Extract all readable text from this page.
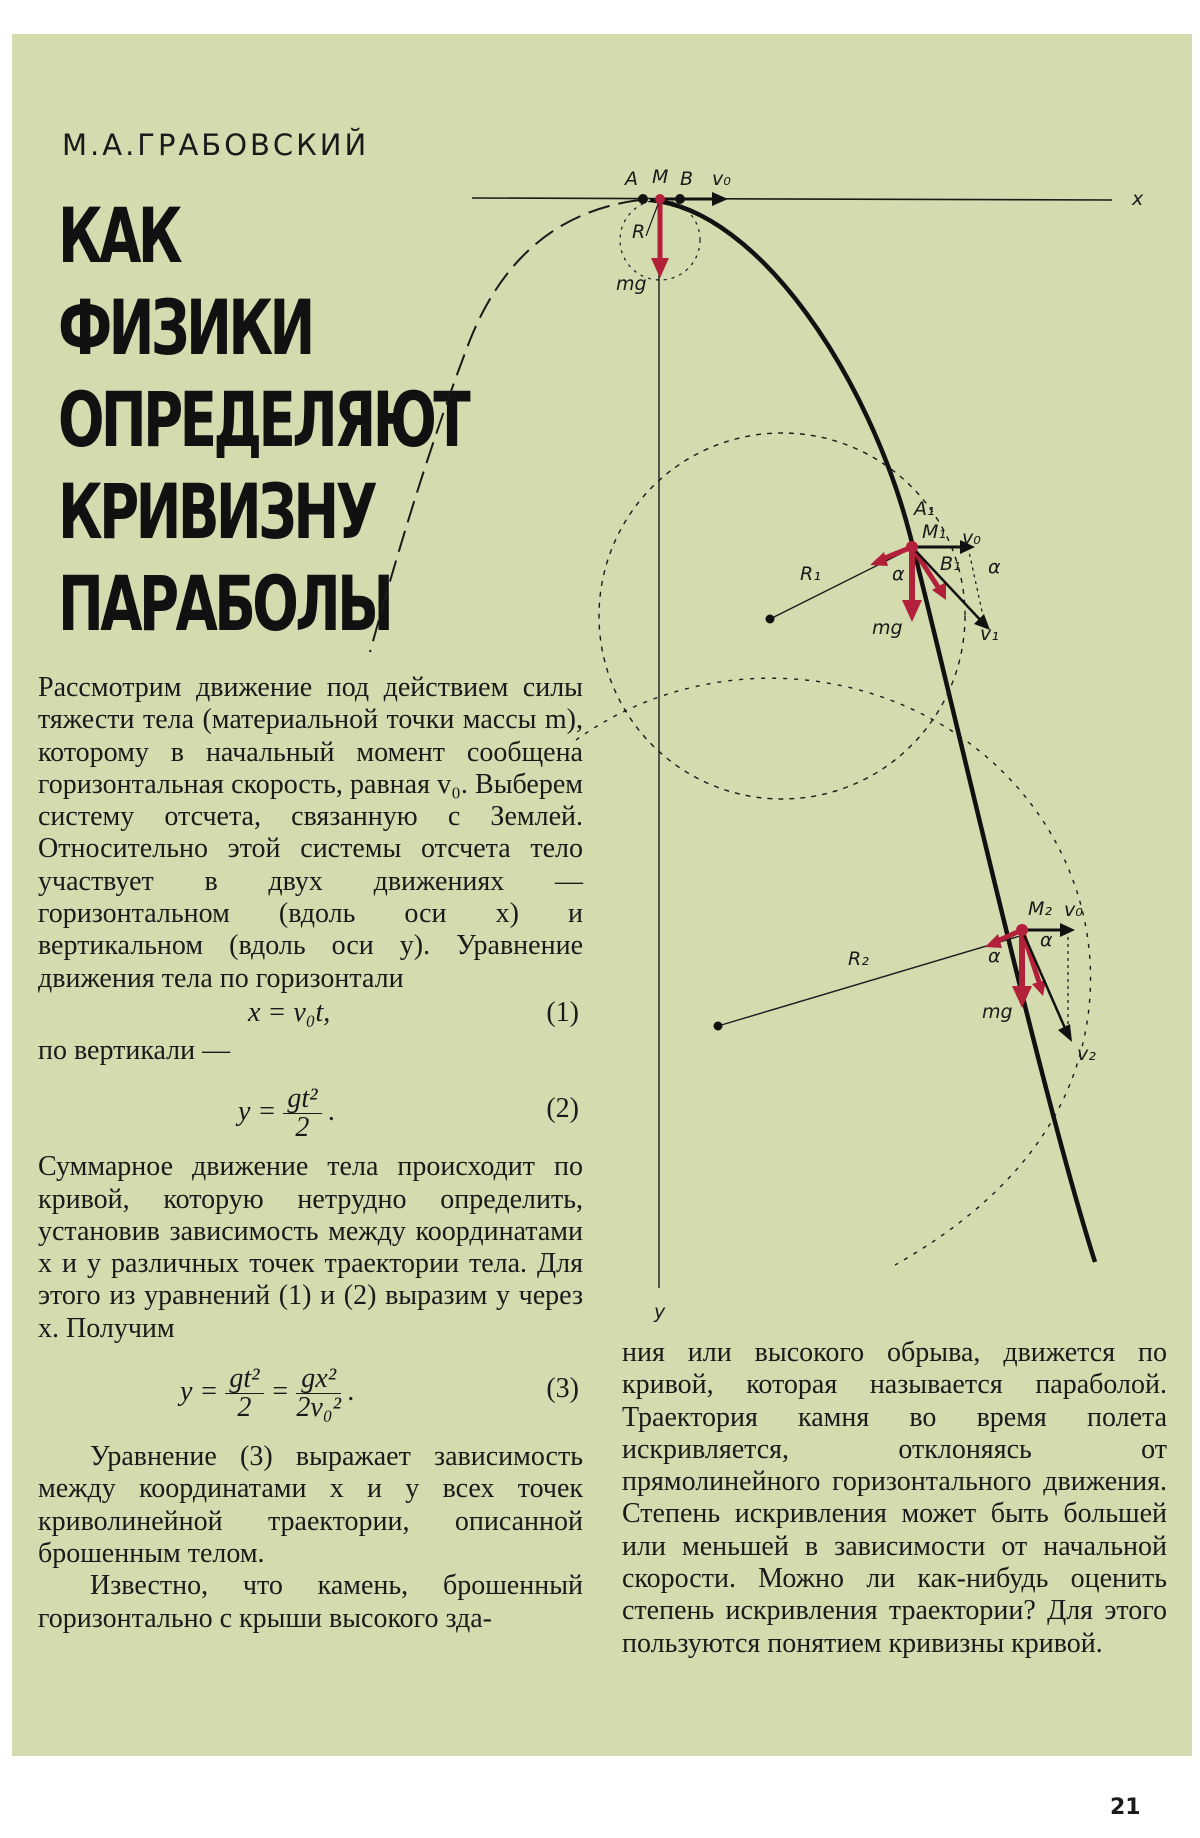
М.А.ГРАБОВСКИЙ
КАК
ФИЗИКИ
ОПРЕДЕЛЯЮТ
КРИВИЗНУ
ПАРАБОЛЫ
A M B v₀
x
R
mg
A₁
M₁ v₀
R₁	α B₁ α
mg	v₁
M₂ v₀
α
α
R₂
mg
v₂
y

Рассмотрим движение под действием силы тяжести тела (материальной точки массы m), которому в начальный момент сообщена горизонтальная скорость, равная v₀. Выберем систему отсчета, связанную с Землей. Относительно этой системы отсчета тело участвует в двух движениях — горизонтальном (вдоль оси x) и вертикальном (вдоль оси y). Уравнение движения тела по горизонтали

x = v₀t,	(1)

по вертикали —

$y = \frac{\text{gt²}}{2}$ .	(2)

Суммарное движение тела происходит по кривой, которую нетрудно определить, установив зависимость между координатами x и y различных точек траектории тела. Для этого из уравнений (1) и (2) выразим y через x. Получим

$y = \frac{\text{gt²}}{2} = \frac{\text{gx²}}{\text{2v₀²}}$ .	(3)

Уравнение (3) выражает зависимость между координатами x и y всех точек криволинейной траектории, описанной брошенным телом.

Известно, что камень, брошенный горизонтально с крыши высокого зда-

ния или высокого обрыва, движется по кривой, которая называется параболой. Траектория камня во время полета искривляется, отклоняясь от прямолинейного горизонтального движения. Степень искривления может быть большей или меньшей в зависимости от начальной скорости. Можно ли как-нибудь оценить степень искривления траектории? Для этого пользуются понятием кривизны кривой.

21
